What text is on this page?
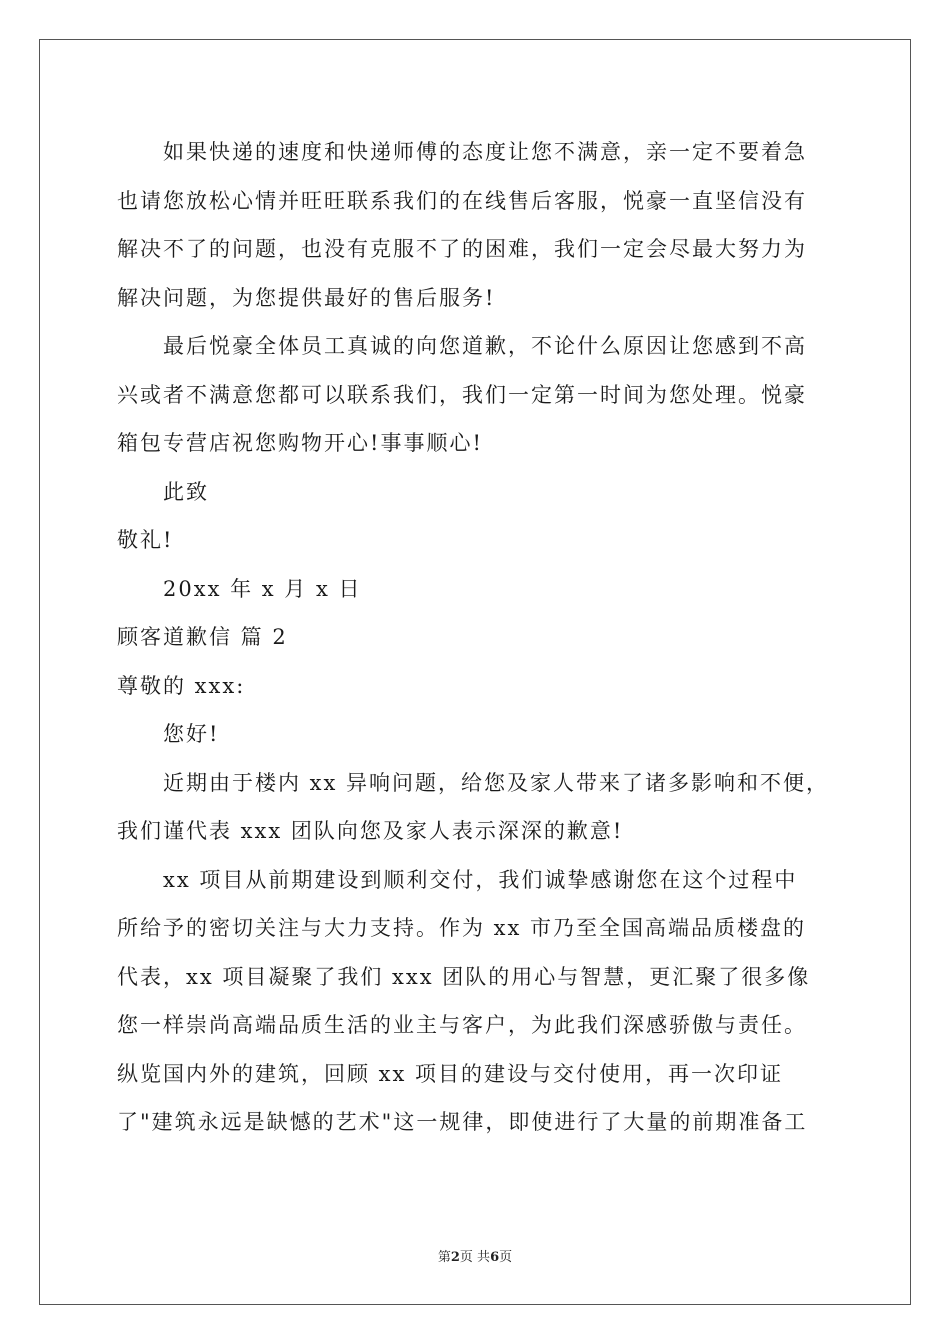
如果快递的速度和快递师傅的态度让您不满意，亲一定不要着急
也请您放松心情并旺旺联系我们的在线售后客服，悦豪一直坚信没有
解决不了的问题，也没有克服不了的困难，我们一定会尽最大努力为
解决问题，为您提供最好的售后服务!
最后悦豪全体员工真诚的向您道歉，不论什么原因让您感到不高
兴或者不满意您都可以联系我们，我们一定第一时间为您处理。悦豪
箱包专营店祝您购物开心!事事顺心!
此致
敬礼!
20xx 年 x 月 x 日
顾客道歉信 篇 2
尊敬的 xxx:
您好!
近期由于楼内 xx 异响问题，给您及家人带来了诸多影响和不便，
我们谨代表 xxx 团队向您及家人表示深深的歉意!
xx 项目从前期建设到顺利交付，我们诚挚感谢您在这个过程中
所给予的密切关注与大力支持。作为 xx 市乃至全国高端品质楼盘的
代表，xx 项目凝聚了我们 xxx 团队的用心与智慧，更汇聚了很多像
您一样崇尚高端品质生活的业主与客户，为此我们深感骄傲与责任。
纵览国内外的建筑，回顾 xx 项目的建设与交付使用，再一次印证
了"建筑永远是缺憾的艺术"这一规律，即使进行了大量的前期准备工
第2页 共6页
